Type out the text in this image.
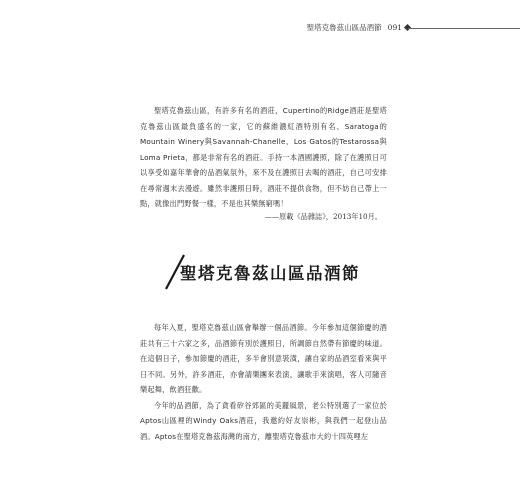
聖塔克魯茲山區品酒節 091

聖塔克魯茲山區，有許多有名的酒莊，Cupertino的Ridge酒莊是聖塔克魯茲山區最負盛名的一家，它的蘇維濃紅酒特別有名、Saratoga的Mountain Winery與Savannah-Chanelle、Los Gatos的Testarossa與Loma Prieta，都是非常有名的酒莊。手持一本酒國護照，除了在護照日可以享受如嘉年華會的品酒氣氛外，來不及在護照日去喝的酒莊，自己可安排在尋常週末去漫遊。雖然非護照日時，酒莊不提供食物，但不妨自己帶上一點，就像出門野餐一樣，不是也其樂無窮嗎！

——原載《品雜誌》，2013年10月。
聖塔克魯茲山區品酒節

每年入夏，聖塔克魯茲山區會舉辦一個品酒節。今年參加這個節慶的酒莊共有三十六家之多，品酒節有別於護照日，所調節自然帶有節慶的味道。在這個日子，參加節慶的酒莊，多半會別意裝潢，讓自家的品酒室看來與平日不同。另外，許多酒莊，亦會請樂團來表演，讓歌手來演唱，客人可隨音樂起舞，飲酒狂歡。

今年的品酒節，為了貪看矽谷郊區的美麗風景，老公特別選了一家位於Aptos山區裡的Windy Oaks酒莊，我邀約好友崇彬，與我們一起登山品酒。Aptos在聖塔克魯茲海灣的南方，離聖塔克魯茲市大約十四英哩左
